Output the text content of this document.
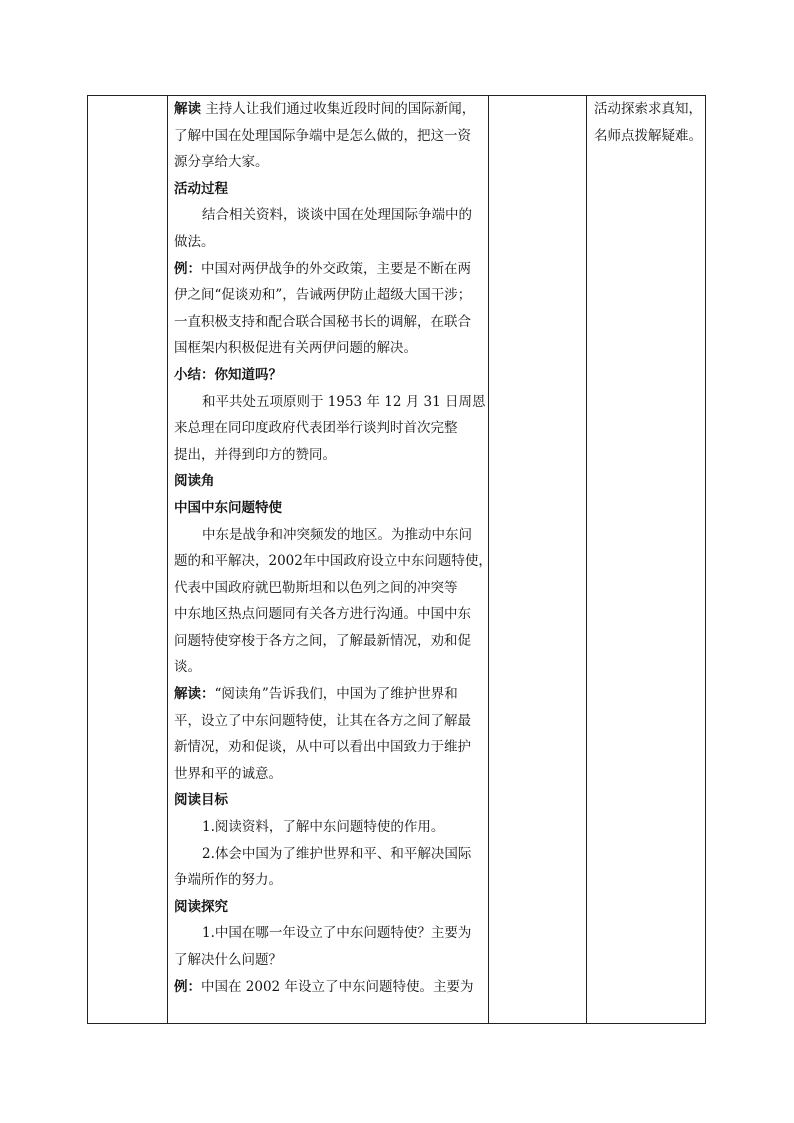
解读 主持人让我们通过收集近段时间的国际新闻，
了解中国在处理国际争端中是怎么做的，把这一资
源分享给大家。
活动过程
结合相关资料，谈谈中国在处理国际争端中的
做法。
例：中国对两伊战争的外交政策，主要是不断在两
伊之间“促谈劝和”，告诫两伊防止超级大国干涉；
一直积极支持和配合联合国秘书长的调解，在联合
国框架内积极促进有关两伊问题的解决。
小结：你知道吗？
和平共处五项原则于 1953 年 12 月 31 日周恩
来总理在同印度政府代表团举行谈判时首次完整
提出，并得到印方的赞同。
阅读角
中国中东问题特使
中东是战争和冲突频发的地区。为推动中东问
题的和平解决，2002年中国政府设立中东问题特使，
代表中国政府就巴勒斯坦和以色列之间的冲突等
中东地区热点问题同有关各方进行沟通。中国中东
问题特使穿梭于各方之间，了解最新情况，劝和促
谈。
解读：“阅读角”告诉我们，中国为了维护世界和
平，设立了中东问题特使，让其在各方之间了解最
新情况，劝和促谈，从中可以看出中国致力于维护
世界和平的诚意。
阅读目标
1.阅读资料，了解中东问题特使的作用。
2.体会中国为了维护世界和平、和平解决国际
争端所作的努力。
阅读探究
1.中国在哪一年设立了中东问题特使？主要为
了解决什么问题？
例：中国在 2002 年设立了中东问题特使。主要为
活动探索求真知，
名师点拨解疑难。
